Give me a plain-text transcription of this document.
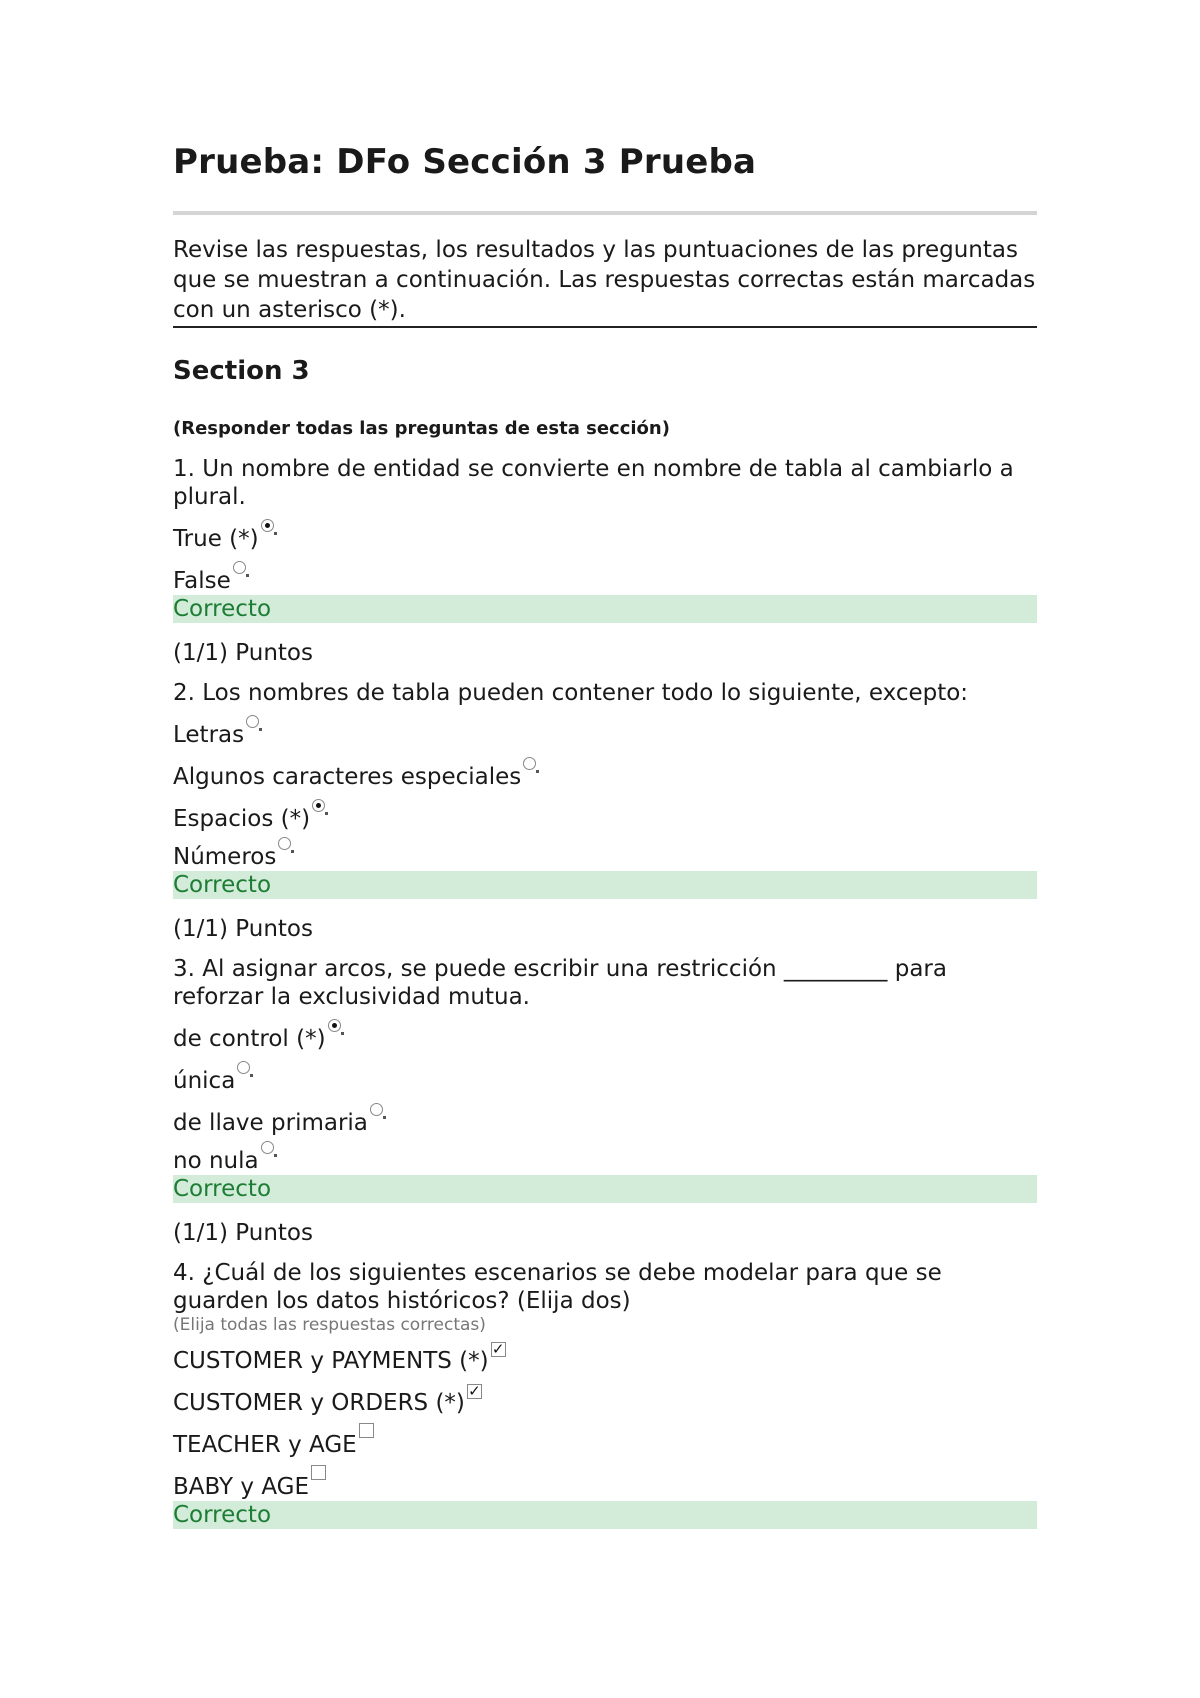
Prueba: DFo Sección 3 Prueba
Revise las respuestas, los resultados y las puntuaciones de las preguntas que se muestran a continuación. Las respuestas correctas están marcadas con un asterisco (*).
Section 3
(Responder todas las preguntas de esta sección)
1. Un nombre de entidad se convierte en nombre de tabla al cambiarlo a plural.
True (*)
False
Correcto
(1/1) Puntos
2. Los nombres de tabla pueden contener todo lo siguiente, excepto:
Letras
Algunos caracteres especiales
Espacios (*)
Números
Correcto
(1/1) Puntos
3. Al asignar arcos, se puede escribir una restricción _________ para reforzar la exclusividad mutua.
de control (*)
única
de llave primaria
no nula
Correcto
(1/1) Puntos
4. ¿Cuál de los siguientes escenarios se debe modelar para que se guarden los datos históricos? (Elija dos)
(Elija todas las respuestas correctas)
CUSTOMER y PAYMENTS (*) ✓
CUSTOMER y ORDERS (*) ✓
TEACHER y AGE
BABY y AGE
Correcto
